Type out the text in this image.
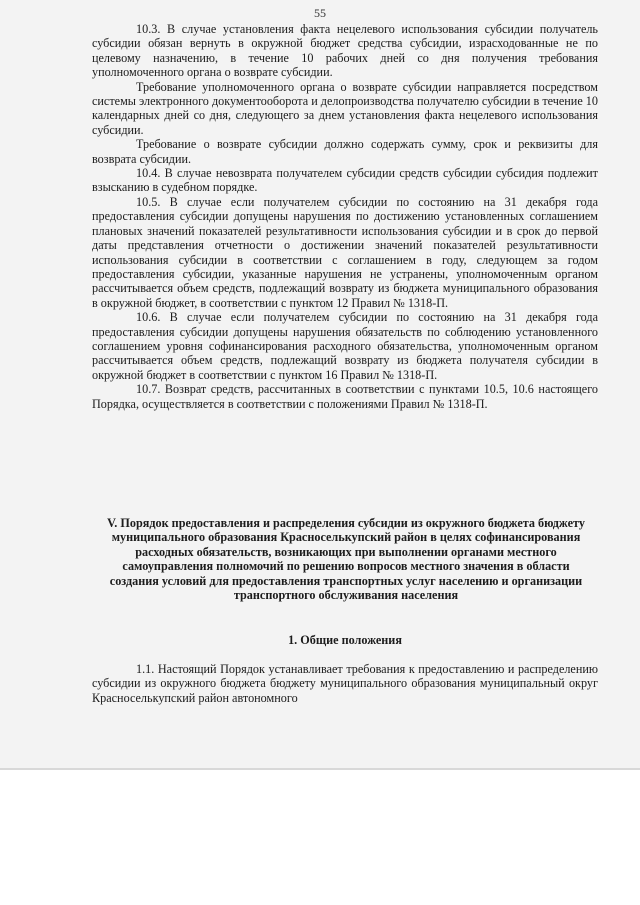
55

10.3. В случае установления факта нецелевого использования субсидии получатель субсидии обязан вернуть в окружной бюджет средства субсидии, израсходованные не по целевому назначению, в течение 10 рабочих дней со дня получения требования уполномоченного органа о возврате субсидии.

Требование уполномоченного органа о возврате субсидии направляется посредством системы электронного документооборота и делопроизводства получателю субсидии в течение 10 календарных дней со дня, следующего за днем установления факта нецелевого использования субсидии.

Требование о возврате субсидии должно содержать сумму, срок и реквизиты для возврата субсидии.

10.4. В случае невозврата получателем субсидии средств субсидии субсидия подлежит взысканию в судебном порядке.

10.5. В случае если получателем субсидии по состоянию на 31 декабря года предоставления субсидии допущены нарушения по достижению установленных соглашением плановых значений показателей результативности использования субсидии и в срок до первой даты представления отчетности о достижении значений показателей результативности использования субсидии в соответствии с соглашением в году, следующем за годом предоставления субсидии, указанные нарушения не устранены, уполномоченным органом рассчитывается объем средств, подлежащий возврату из бюджета муниципального образования в окружной бюджет, в соответствии с пунктом 12 Правил № 1318-П.

10.6. В случае если получателем субсидии по состоянию на 31 декабря года предоставления субсидии допущены нарушения обязательств по соблюдению установленного соглашением уровня софинансирования расходного обязательства, уполномоченным органом рассчитывается объем средств, подлежащий возврату из бюджета получателя субсидии в окружной бюджет в соответствии с пунктом 16 Правил № 1318-П.

10.7. Возврат средств, рассчитанных в соответствии с пунктами 10.5, 10.6 настоящего Порядка, осуществляется в соответствии с положениями Правил № 1318-П.

V. Порядок предоставления и распределения субсидии из окружного бюджета бюджету муниципального образования Красноселькупский район в целях софинансирования расходных обязательств, возникающих при выполнении органами местного самоуправления полномочий по решению вопросов местного значения в области создания условий для предоставления транспортных услуг населению и организации транспортного обслуживания населения
1. Общие положения

1.1. Настоящий Порядок устанавливает требования к предоставлению и распределению субсидии из окружного бюджета бюджету муниципального образования муниципальный округ Красноселькупский район автономного
